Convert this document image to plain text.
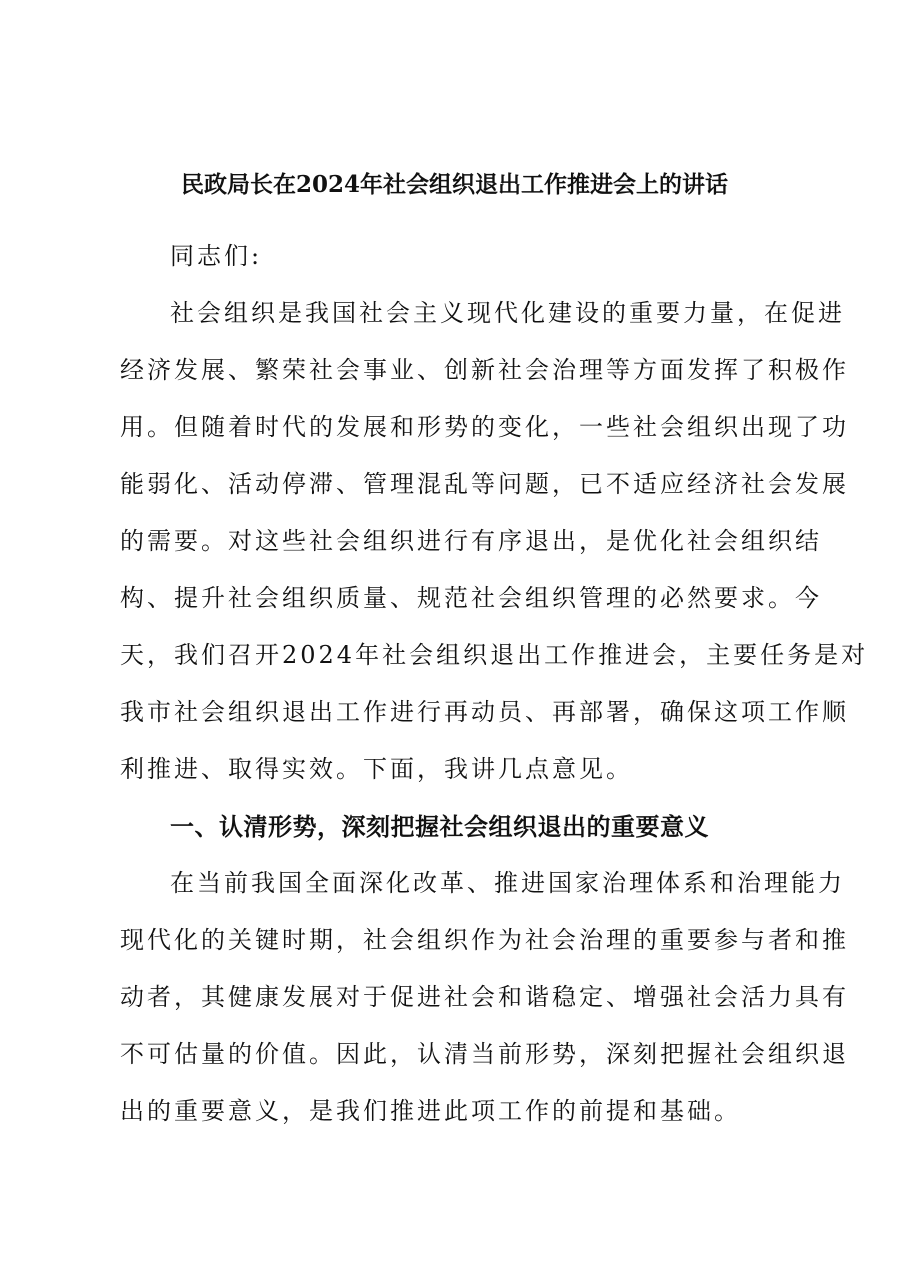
民政局长在2024年社会组织退出工作推进会上的讲话
同志们:
社会组织是我国社会主义现代化建设的重要力量，在促进
经济发展、繁荣社会事业、创新社会治理等方面发挥了积极作
用。但随着时代的发展和形势的变化，一些社会组织出现了功
能弱化、活动停滞、管理混乱等问题，已不适应经济社会发展
的需要。对这些社会组织进行有序退出，是优化社会组织结
构、提升社会组织质量、规范社会组织管理的必然要求。今
天，我们召开2024年社会组织退出工作推进会，主要任务是对
我市社会组织退出工作进行再动员、再部署，确保这项工作顺
利推进、取得实效。下面，我讲几点意见。
一、认清形势，深刻把握社会组织退出的重要意义
在当前我国全面深化改革、推进国家治理体系和治理能力
现代化的关键时期，社会组织作为社会治理的重要参与者和推
动者，其健康发展对于促进社会和谐稳定、增强社会活力具有
不可估量的价值。因此，认清当前形势，深刻把握社会组织退
出的重要意义，是我们推进此项工作的前提和基础。
